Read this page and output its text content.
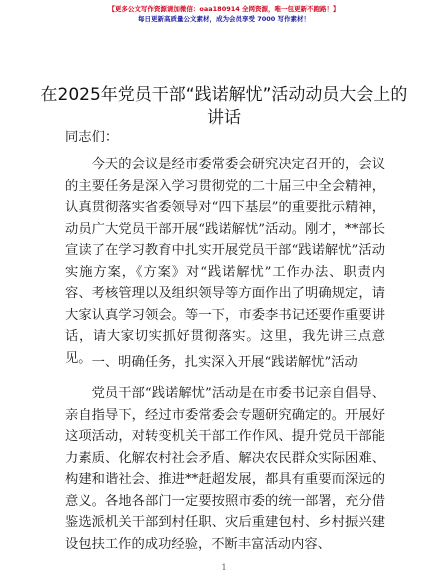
【更多公文写作资源请加微信：oaa180914 全网资源，唯一包更新不跑路！】
每日更新高质量公文素材，成为会员享受 7000 写作素材！
在2025年党员干部“践诺解忧”活动动员大会上的讲话
同志们：
今天的会议是经市委常委会研究决定召开的，会议的主要任务是深入学习贯彻党的二十届三中全会精神，认真贯彻落实省委领导对“四下基层”的重要批示精神，动员广大党员干部开展“践诺解忧”活动。刚才，**部长宣读了在学习教育中扎实开展党员干部“践诺解忧”活动实施方案，《方案》对“践诺解忧”工作办法、职责内容、考核管理以及组织领导等方面作出了明确规定，请大家认真学习领会。等一下，市委李书记还要作重要讲话，请大家切实抓好贯彻落实。这里，我先讲三点意见。 一、明确任务，扎实深入开展“践诺解忧”活动
党员干部“践诺解忧”活动是在市委书记亲自倡导、亲自指导下，经过市委常委会专题研究确定的。开展好这项活动，对转变机关干部工作作风、提升党员干部能力素质、化解农村社会矛盾、解决农民群众实际困难、构建和谐社会、推进**赶超发展，都具有重要而深远的意义。各地各部门一定要按照市委的统一部署，充分借鉴选派机关干部到村任职、灾后重建包村、乡村振兴建设包扶工作的成功经验，不断丰富活动内容、
1
